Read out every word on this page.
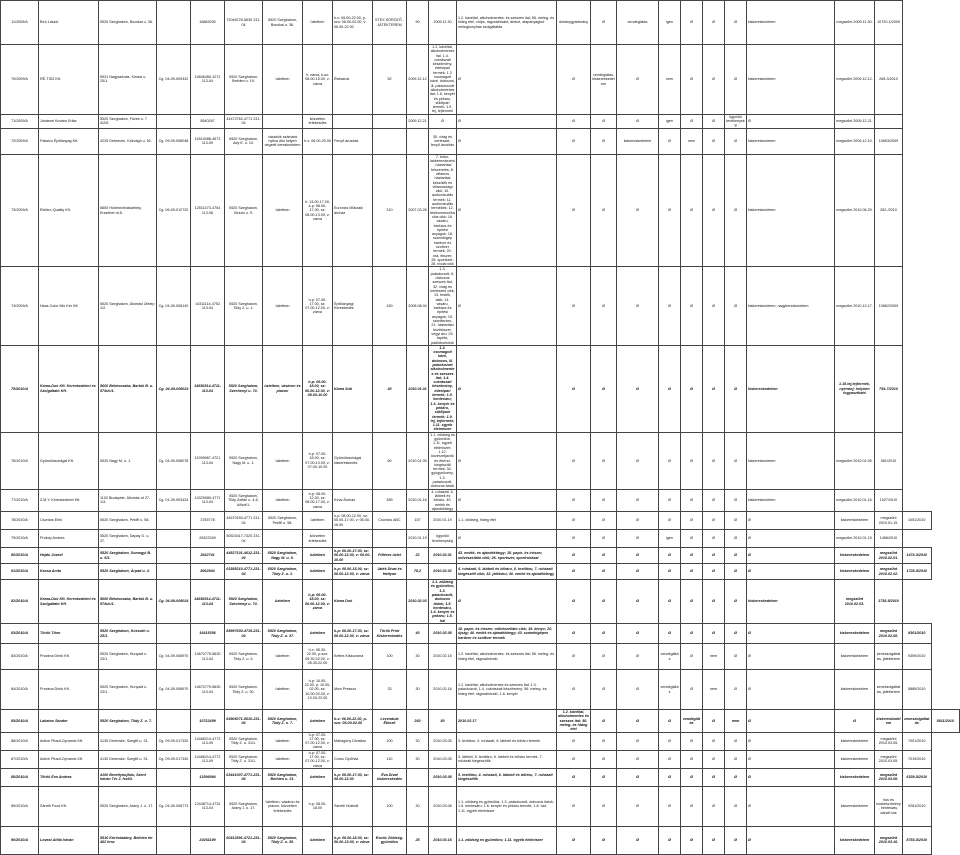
11/2009/A	Bíró László	5520 Szeghalom, Bocskai u. 38.		16869290	72048725-5630 231-04	5520 Szeghalom, Bocskai u. 38.	üzletben	h-v: 06.00-22.00, p-szo: 06.00-02.00, v: 06.00-22.00	STEX SÖRÖZŐ - JÁTÉKTEREM	90	2009.11.30	1.2. kávéital, alkoholmentes- és szeszes ital; 56. meleg- és hideg étel, chips, rágcsálnivaló; ábécé, alapanyagból melegkonyhás szolgáltatás	dohánygyártmány	Ø	vendéglátás	igen	Ø	Ø	Ø	kiskereskedelem	megszűnt 2009.11.30.	10720-1/2009		
70/2009/A	RÉ-TISZ Kft.	5931 Nagyszénás, Kinizsi u. 25/1.	Cg. 04-09-009432	14846455-1071 113-04	5520 Szeghalom, Bethlen u. 19.	üzletben	h: zárva, k-sz: 08.00-15.00, v: zárva	Ételsarok	52	2009.12.12	1.2. kávéital, alkoholmentes ital, 1.4. cukrászati készítmény, édesipari termék; 1.3 csomagolt kávé, dobozos, ill. palackozott alkoholmentes ital; 1.6. kenyér és pékáru, sütőipari termék; 1.9. tej, tejtermék	Ø	Ø	vendéglátás, kiskereskedelem	Ø	nem	Ø	Ø	Ø	kiskereskedelem	megszűnt 2009.12.12.	265-3/2010		
71/2009/A	Jónásné Kovács Erika	5520 Szeghalom, Füzes u. 7. 4/2/5.		5540267	44472762-4771 231-04		közvetlen értékesítés			2009.12.21	Ø	Ø	Ø	Ø	Ø	igen	Ø	Ø	ügynöki tevékenység	Ø	megszűnt 2009.12.21.			
72/2009/A	Paksico Éptőanyag Kft.	4225 Debrecen, Közvágó u. 52.	Cg. 09-09-008048	11814088-4673 113-09	5520 Szeghalom, Ady E. u. 10.	vásárlók számára nyitva álló helyen végzett kereskedelem	h-v: 06.00-20.00	Fenyő árusítás			30. virág és kertészet, fenyő árusítás	Ø	Ø	Ø	kiskereskedelem	Ø	nem	Ø	Ø	kiskereskedelem	megszűnt 2009.12.10.	10653/2009		
73/2009/A	Elektro-Quality Kft.	6800 Hódmezővásárhely, Erzsébet út 8.	Cg. 06-09-012720	12511473-4754 113-06	5520 Szeghalom, Kinizsi u. 9.	üzletben	h: 13.00-17.00, k-p: 08.00-17.00, sz: 08.00-13.00, v: zárva	Euronics Műszaki áruház	310	2007.03.26	7. bútor, lakberendezési, háztartási felszerelés; 8. villamos háztartási készülék és villamossági cikk; 10. audiovizuális termék; 11. audiovizuális termékek; 12. telekommunikációs cikk; 16. vasáru, barkács és építési anyagok; 18. számítógép hardver és szoftver termék; 20. óra, ékszer; 26. sportszer; 28. irodai cikk	Ø	Ø	Ø	Ø	Ø	Ø	Ø	Ø	kiskereskedelem	megszűnt 2010.06.29.	262-/2010		
74/2009/A	Haus Color Mix Kér Kft.	5520 Szeghalom, Álomási Útelep 1/2.	Cg. 04-09-008140	14311114-4752 113-04	5520 Szeghalom, Tildy Z. u. 1.	üzletben	h-p: 07.00-17.00, sz: 07.00-12.00, v: zárva	Építőanyagi Kereskedés	150	2008.08.04	1.3. palackozott, 6. dobozos szeszes ital; 32. virág és kertészeti cikk; 13. festék, lakk; 14. vasáru, barkács és építési anyagok; 15. szaniteráru; 21. háztartási tisztítószer, vegyi áru; 29. tapéta, padlóburkolók	Ø	Ø	Ø	Ø	Ø	Ø	Ø	Ø	kiskereskedelem, nagykereskedelem	megszűnt 2010.12.17.	10862/2009		
75/2010/A	Káma-Duó Kft. Kereskedelmi és Szolgáltató Kft.	5600 Békéscsaba, Bartók B. u. 57/b/c/1.	Cg. 04-09-008024	14836514-4711-113-04	5520 Szeghalom, Széchenyi u. 74.	üzletben, vásáron és piacon	h-p: 06.00-18.00, sz: 06.00-12.00, v: 08.00-10.00	Káma Súti	40	2010.01.01	1.3. csomagolt kávé, dobozos, ill. palackozott alkoholmentes és szeszes ital; 1.4. cukrászati készítmény, édesipari termék; 1.5. hentesáru; 1.6. kenyér és pékáru, sütőipari termék; 1.9. tej, tejtermék; 1.11. egyéb élelmiszer	Ø	Ø	Ø	Ø	Ø	Ø	Ø	Ø	kiskereskedelem	1.18.tej,tejtermék, nyerstej; helyben fogyasztható	754-7/2010		
76/2010/A	Gyümölcsvirágai Kft.	5520 Nagy M. u. 1.	Cg. 04-09-008078	11999967-4721 113-04	5520 Szeghalom, Nagy M. u. 1.	üzletben	h-p: 07.00-18.00, sz: 07.00-13.00, v: 07.00-10.00	Gyümölcsvirágai kiskereskedés	60	2010.01.05	1.1. zöldség és gyümölcs; 1.11. egyéb élelmiszer; 1.12. közérzetjavító és étrend-kiegészítő termék; 34. gyógynövény, 1.3. palackozott, dobozos italok	Ø	Ø	Ø	Ø	Ø	Ø	Ø	Ø	kiskereskedelem	megszűnt 2010.01.05.	581/2010		
77/2010/A	Z.M.Y. Kereskedelmi Kft.	1102 Budapest, Állomás út 27. 1/4.	Cg. 01-09-903424	14329080-4771 113-04	5520 Szeghalom, Tildy Zoltán u. 4-6. A/fszt/1.	üzletben	h-p: 08.00-12.00, sz: 08.00-17.00, v: zárva	Kínai Áruház	389	2010.01.16	4. ruházati, 6. lábbeli és bőráru, 40. emlék és ajándéktárgy	Ø	Ø	Ø	Ø	Ø	Ø	Ø	Ø	kiskereskedelem	megszűnt 2010.01.16.	1027/2010		
78/2010/A	Csordos Elek	5520 Szeghalom, Petőfi u. 58.		3755778	44670150-4771 231-04	5520 Szeghalom, Petőfi u. 58.	üzletben	h-p: 08.00-12.00, sz: 05.00-17.00, v: 06.00-16.00	Csordos ABC	157	2010.01.19	1.1. zöldség, hideg étel	Ø	Ø	Ø	Ø	Ø	Ø	Ø	Ø	kiskereskedelem	megszűnt 2010.01.19.	1051/2010	
79/2010/A	Prokóp Andrea	5520 Szeghalom, Dapay G. u. 37.		26322349	50523417-7320 231-04		közvetlen értékesítés			2010.01.19	ügynöki tevékenység	Ø	Ø	Ø	Ø	igen	Ø	Ø	Ø	Ø	megszűnt 2010.01.19.	1466/2010		
80/2010/A	Hajdú József	5520 Szeghalom, Somogyi B. u. 5/1.		2642741	44527101-4612-231-04	5520 Szeghalom, Nagy M. u. 5.	üzletben	h-p: 06.00-17.00, sz: 06.00-12.00, v: 06.00-10.00	Fűtéres üzlet	22	2010.02.01	43. emlék- és ajándéktárgy; 18. papír- és írószer, művészellátó cikk; 26. sportszer, sportruházat	Ø	Ø	Ø	Ø	Ø	Ø	Ø	Ø	kiskereskedelem	megszűnt 2010.02.01.	1474-3/2010	
81/2010/A	Kacsa Anita	5520 Szeghalom, Árpád u. 4.		8062944	63385210-4771-231-04	5520 Szeghalom, Tildy Z. u. 1.	üzletben	h-p: 08.00-15.00, sz: 08.00-12.00, v: zárva	Játék Divat és Hattyan	78,2	2010.02.02	4. ruházati, 6. lábbeli és bőráru, 6. textiláru, 7. ruházati kiegészítő cikk; 32. játékáru; 40. emlék és ajándéktárgy	Ø	Ø	Ø	Ø	Ø	Ø	Ø	Ø	kiskereskedelem	megszűnt 2010.02.02.	1728-5/2010	
82/2010/A	Káma-Duó Kft. Kereskedelmi és Szolgáltató Kft.	5600 Békéscsaba, Bartók B. u. 57/b/c/1.	Cg. 04-09-008024	14836514-4711-113-04	5520 Szeghalom, Széchenyi u. 74.	üzletben	h-p: 06.00-18.00, sz: 06.00-12.00, v: zárva	Káma Duó		2010.02.03	1.1. zöldség és gyümölcs; 1.3. palackozott, dobozos italok; 1.5. hentesáru, 1.6. kenyér és pékáru; 1.8. hal	Ø	Ø	Ø	Ø	Ø	Ø	Ø	Ø	kiskereskedelem	megszűnt 2010.02.03.	1738-5/2010		
83/2010/A	Török Tibor	5520 Szeghalom, Kossuth u. 25/1.		16415356	85997830-4719-231-04	5520 Szeghalom, Tildy Z. u. 37.	üzletben	h-p: 08.00-17.00, sz: 08.00-12.00, v: zárva	Török Print Kiskereskedés	40	2010.02.08	18. papír- és írószer, művészellátó cikk; 19. könyv; 20. újság; 40. emlék és ajándéktárgy; 43. számítógépes hardver és szoftver termék	Ø	Ø	Ø	Ø	Ø	Ø	Ø	Ø	kiskereskedelem	megszűnt 2010.02.08.	9301/2010	
83/2010/A	Proxima Drink Kft.	5520 Szeghalom, Hunyadi u. 23/1.	Cg. 04-09-008970	14670779-5630 113-04	5520 Szeghalom, Tildy Z. u. 4.	üzletben	h-v: 05.30-22.00, p-szo: 05.30-02.00, v: 05.30-22.00	Kettes Kiskocsma	100	30	2010.02.15	1.2. kávéital, alkoholmentes- és szeszes ital; 56. meleg- és hideg étel, rágcsálnivaló	Ø	Ø	Ø	vendéglátás	Ø	nem	Ø	Ø	kiskereskedelem	zeneszolgáltatás, játékterem	9309/2010	
84/2010/A	Proxima Drink Kft.	5520 Szeghalom, Hunyadi u. 23/1.	Cg. 04-09-008970	14670779-5630 113-04	5520 Szeghalom, Tildy Z. u. 30.	üzletben	h-p: 10.00-22.00, p: 10.00-02.00, sz: 10.00-02.00, v: 10.00-22.00	Mozi Presszó	33	30	2010.02.16	1.2. kávéital, alkoholmentes és szeszes ital; 1.3. palackozott, 1.4. cukrászati készítmény; 56. meleg- és hideg étel, rágcsálnivaló, 1.6. kenyér	Ø	Ø	Ø	vendéglátás	Ø	nem	Ø	Ø	kiskereskedelem	zeneszolgáltatás, játékterem	5889/2010	
85/2010/A	Lakatos Sándor	5520 Szeghalom, Tildy Z. u. 7.		10722499	64908271-5610-231-04	5520 Szeghalom, Tildy Z. u. 7.	üzletben	h-v: 06.00-22.00, p-szo: 06.00-02.00	Levendula Étkező	260	80	2010.02.17	1.2. kávéital, alkoholmentes és szeszes ital; 56. meleg- és hideg étel	Ø	Ø	Ø	vendéglátás	Ø	nem	Ø	Ø	kiskereskedelem	zeneszolgáltatás	5811/2010
86/2010/A	Active Pluszi-Dynamic Kft.	4130 Derecske, Szegfű u. 31.	Cg. 09-09-017330	14466214-4772 113-09	5520 Szeghalom, Tildy Z. u. 31/1.	üzletben	h-p: 07.00-17.00, sz: 07.00-12.00, v: zárva	Mahagóny Divatáru	100	30	2010.03.05	3. textiláru, 4. ruházati, 6. lábbeli és bőráru termék	Ø	Ø	Ø	Ø	Ø	Ø	Ø	Ø	kiskereskedelem	megszűnt 2010.03.05.	7001/2010	
87/2010/A	Active Pluszi-Dynamic Kft.	4130 Derecske, Szegfű u. 31.	Cg. 09-09-017330	14466214-4772 113-09	5520 Szeghalom, Tildy Z. u. 31/1.	üzletben	h-p: 07.00-17.00, sz: 07.00-12.00, v: zárva	Corso Cipőház	110	30	2010.03.05	3. lábbeli, 5. textiláru, 6. lábbeli és bőráru termék, 7. ruházati kiegészítők	Ø	Ø	Ø	Ø	Ø	Ø	Ø	Ø	kiskereskedelem	megszűnt 2010.03.05.	7019/2010	
88/2010/A	Tőrök Éva Andrea	4100 Berettyóújfalu, Szent István Tér 2. fszt/3.		13396994	63441007-4771-231-04	5520 Szeghalom, Bethlen u. 21.	üzletben	h-p: 08.00-17.00, sz: 08.00-12.00	Éva Divat kiskereskedés		2010.03.08	3. textiláru, 4. ruházati, 6. lábbeli és bőráru, 7. ruházati kiegészítők	Ø	Ø	Ø	Ø	Ø	Ø	Ø	Ø	kiskereskedelem	megszűnt 2010.03.08.	6339-5/2010	
89/2010/A	Sárréti Food Kft.	5520 Szeghalom, Arany J. u. 17.	Cg. 04-09-008773	12448714-4732 113-04	5520 Szeghalom, Arany J. u. 17.	üzletben, vásáron és piacon, közvetlen értékesítés	h-p: 08.00-18.00	Sárréti Húsbolt	100	30	2010.03.08	1.1. zöldség és gyümölcs; 1.3. palackozott, dobozos italok; 1.5. hentesáru; 1.6. kenyér és pékáru termék; 1.8. hal; 1.11. egyéb élelmiszer	Ø	Ø	Ø	Ø	Ø	Ø	Ø	Ø	kiskereskedelem	hús és húskészítmény, hentesáru, darált hús	9281/2010	
90/2010/A	Lovasi Attila István	5516 Körösladány, Bethlen tér 462 hrsz		20261199	60312891-4721-231-04	5520 Szeghalom, Tildy Z. u. 35.	üzletben	h-p: 06.00-18.00, sz: 06.00-13.00, v: zárva	Exotic Zöldség-gyümölcs	25	2010.03.16	1.1. zöldség és gyümölcs; 1.11. egyéb élelmiszer	Ø	Ø	Ø	Ø	Ø	Ø	Ø	Ø	kiskereskedelem	megszűnt 2010.03.16.	8783-5/2010	
